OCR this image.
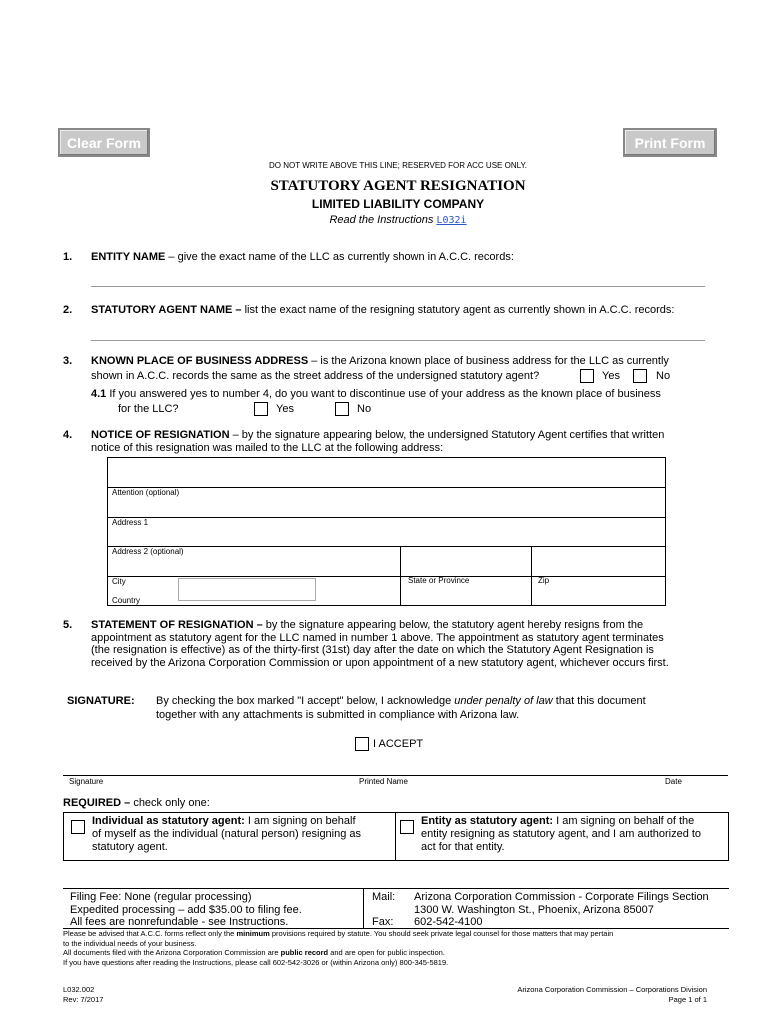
Clear Form	Print Form
DO NOT WRITE ABOVE THIS LINE; RESERVED FOR ACC USE ONLY.
STATUTORY AGENT RESIGNATION
LIMITED LIABILITY COMPANY
Read the Instructions L032i
1. ENTITY NAME – give the exact name of the LLC as currently shown in A.C.C. records:
2. STATUTORY AGENT NAME – list the exact name of the resigning statutory agent as currently shown in A.C.C. records:
3. KNOWN PLACE OF BUSINESS ADDRESS – is the Arizona known place of business address for the LLC as currently
shown in A.C.C. records the same as the street address of the undersigned statutory agent?	Yes	No
4.1 If you answered yes to number 4, do you want to discontinue use of your address as the known place of business
for the LLC?	Yes	No
4. NOTICE OF RESIGNATION – by the signature appearing below, the undersigned Statutory Agent certifies that written
notice of this resignation was mailed to the LLC at the following address:
Attention (optional)
Address 1
Address 2 (optional)
City
Country
State or Province	Zip
5. STATEMENT OF RESIGNATION – by the signature appearing below, the statutory agent hereby resigns from the
appointment as statutory agent for the LLC named in number 1 above. The appointment as statutory agent terminates
(the resignation is effective) as of the thirty-first (31st) day after the date on which the Statutory Agent Resignation is
received by the Arizona Corporation Commission or upon appointment of a new statutory agent, whichever occurs first.
SIGNATURE: By checking the box marked "I accept" below, I acknowledge under penalty of law that this document
together with any attachments is submitted in compliance with Arizona law.
I ACCEPT
Signature	Printed Name	Date
REQUIRED – check only one:
Individual as statutory agent: I am signing on behalf
of myself as the individual (natural person) resigning as
statutory agent.
Entity as statutory agent: I am signing on behalf of the
entity resigning as statutory agent, and I am authorized to
act for that entity.
Filing Fee: None (regular processing)
Expedited processing – add $35.00 to filing fee.
All fees are nonrefundable - see Instructions.
Mail: Arizona Corporation Commission - Corporate Filings Section
1300 W. Washington St., Phoenix, Arizona 85007
Fax: 602-542-4100
Please be advised that A.C.C. forms reflect only the minimum provisions required by statute. You should seek private legal counsel for those matters that may pertain
to the individual needs of your business.
All documents filed with the Arizona Corporation Commission are public record and are open for public inspection.
If you have questions after reading the Instructions, please call 602-542-3026 or (within Arizona only) 800-345-5819.
L032.002
Rev: 7/2017
Arizona Corporation Commission – Corporations Division
Page 1 of 1
